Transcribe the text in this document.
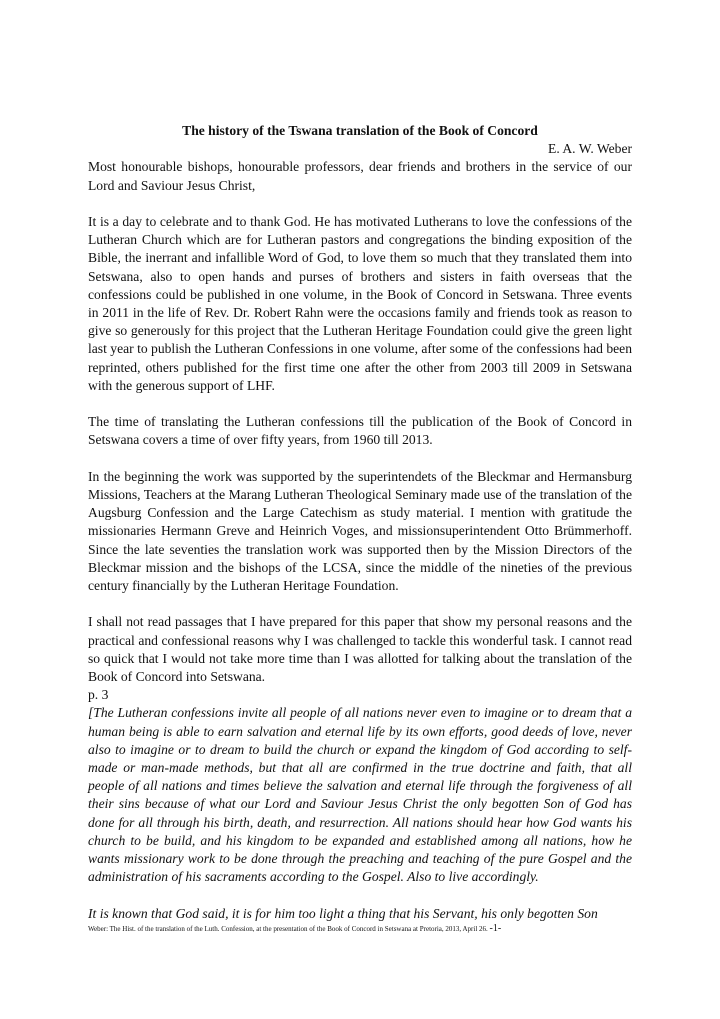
The history of the Tswana translation of the Book of Concord

E. A. W. Weber

Most honourable bishops, honourable professors, dear friends and brothers in the service of our Lord and Saviour Jesus Christ,

It is a day to celebrate and to thank God. He has motivated Lutherans to love the confessions of the Lutheran Church which are for Lutheran pastors and congregations the binding exposition of the Bible, the inerrant and infallible Word of God, to love them so much that they translated them into Setswana, also to open hands and purses of brothers and sisters in faith overseas that the confessions could be published in one volume, in the Book of Concord in Setswana. Three events in 2011 in the life of Rev. Dr. Robert Rahn were the occasions family and friends took as reason to give so generously for this project that the Lutheran Heritage Foundation could give the green light last year to publish the Lutheran Confessions in one volume, after some of the confessions had been reprinted, others published for the first time one after the other from 2003 till 2009 in Setswana with the generous support of LHF.

The time of translating the Lutheran confessions till the publication of the Book of Concord in Setswana covers a time of over fifty years, from 1960 till 2013.

In the beginning the work was supported by the superintendets of the Bleckmar and Hermansburg Missions, Teachers at the Marang Lutheran Theological Seminary made use of the translation of the Augsburg Confession and the Large Catechism as study material. I mention with gratitude the missionaries Hermann Greve and Heinrich Voges, and missionsuperintendent Otto Brümmerhoff. Since the late seventies the translation work was supported then by the Mission Directors of the Bleckmar mission and the bishops of the LCSA, since the middle of the nineties of the previous century financially by the Lutheran Heritage Foundation.

I shall not read passages that I have prepared for this paper that show my personal reasons and the practical and confessional reasons why I was challenged to tackle this wonderful task. I cannot read so quick that I would not take more time than I was allotted for talking about the translation of the Book of Concord into Setswana.

p. 3

[The Lutheran confessions invite all people of all nations never even to imagine or to dream that a human being is able to earn salvation and eternal life by its own efforts, good deeds of love, never also to imagine or to dream to build the church or expand the kingdom of God according to self-made or man-made methods, but that all are confirmed in the true doctrine and faith, that all people of all nations and times believe the salvation and eternal life through the forgiveness of all their sins because of what our Lord and Saviour Jesus Christ the only begotten Son of God has done for all through his birth, death, and resurrection. All nations should hear how God wants his church to be build, and his kingdom to be expanded and established among all nations, how he wants missionary work to be done through the preaching and teaching of the pure Gospel and the administration of his sacraments according to the Gospel. Also to live accordingly.

It is known that God said, it is for him too light a thing that his Servant, his only begotten Son

Weber: The Hist. of the translation of the Luth. Confession, at the presentation of the Book of Concord in Setswana at Pretoria, 2013, April 26. -1-
